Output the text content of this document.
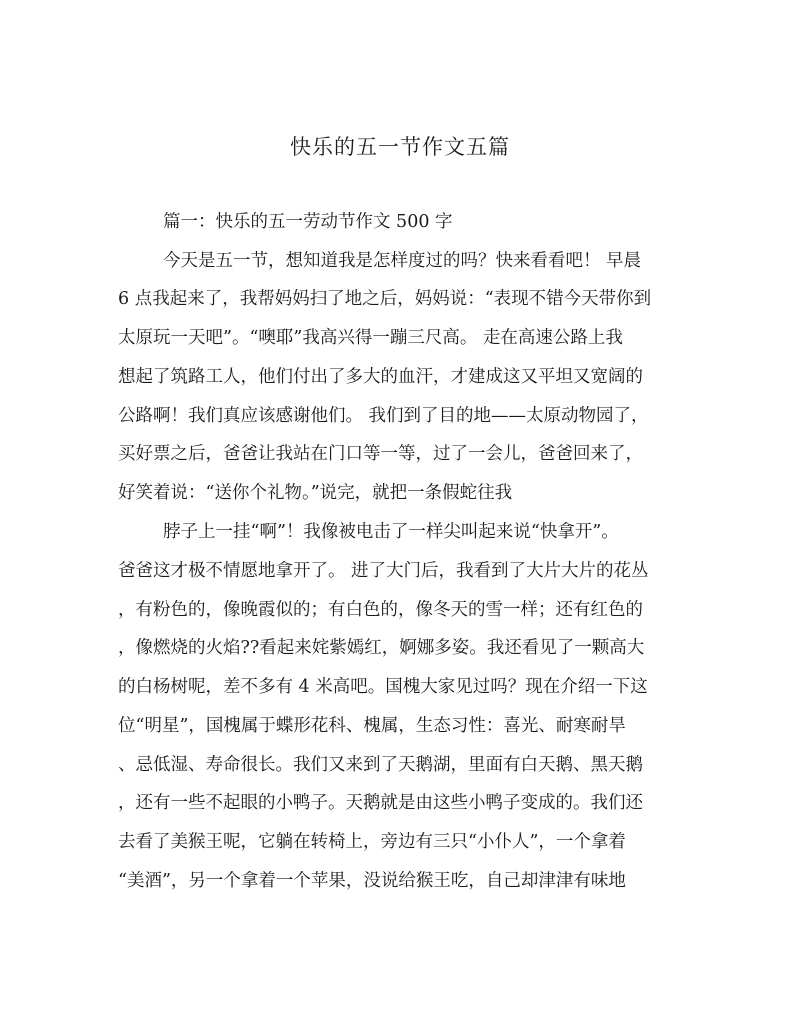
快乐的五一节作文五篇
篇一：快乐的五一劳动节作文 500 字
今天是五一节，想知道我是怎样度过的吗？快来看看吧！ 早晨
6 点我起来了，我帮妈妈扫了地之后，妈妈说：“表现不错今天带你到
太原玩一天吧”。“噢耶”我高兴得一蹦三尺高。 走在高速公路上我
想起了筑路工人，他们付出了多大的血汗，才建成这又平坦又宽阔的
公路啊！我们真应该感谢他们。 我们到了目的地——太原动物园了，
买好票之后，爸爸让我站在门口等一等，过了一会儿，爸爸回来了，
好笑着说：“送你个礼物。”说完，就把一条假蛇往我
脖子上一挂“啊”！我像被电击了一样尖叫起来说“快拿开”。
爸爸这才极不情愿地拿开了。 进了大门后，我看到了大片大片的花丛
，有粉色的，像晚霞似的；有白色的，像冬天的雪一样；还有红色的
，像燃烧的火焰??看起来姹紫嫣红，婀娜多姿。我还看见了一颗高大
的白杨树呢，差不多有 4 米高吧。国槐大家见过吗？现在介绍一下这
位“明星”，国槐属于蝶形花科、槐属，生态习性：喜光、耐寒耐旱
、忌低湿、寿命很长。我们又来到了天鹅湖，里面有白天鹅、黑天鹅
，还有一些不起眼的小鸭子。天鹅就是由这些小鸭子变成的。我们还
去看了美猴王呢，它躺在转椅上，旁边有三只“小仆人”，一个拿着
“美酒”，另一个拿着一个苹果，没说给猴王吃，自己却津津有味地
